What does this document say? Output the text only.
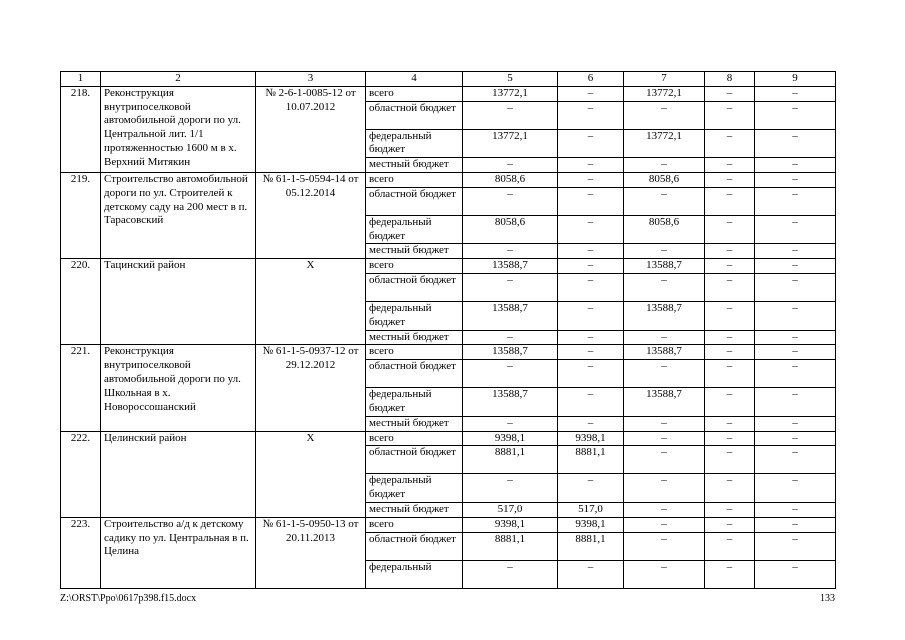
1	2	3	4	5	6	7	8	9
218.	Реконструкция внутрипоселковой автомобильной дороги по ул. Центральной лит. 1/1 протяженностью 1600 м в х. Верхний Митякин	№ 2-6-1-0085-12 от 10.07.2012	всего	13772,1	–	13772,1	–	–
			областной бюджет	–	–	–	–	–
			федеральный бюджет	13772,1	–	13772,1	–	–
			местный бюджет	–	–	–	–	–
219.	Строительство автомобильной дороги по ул. Строителей к детскому саду на 200 мест в п. Тарасовский	№ 61-1-5-0594-14 от 05.12.2014	всего	8058,6	–	8058,6	–	–
			областной бюджет	–	–	–	–	–
			федеральный бюджет	8058,6	–	8058,6	–	–
			местный бюджет	–	–	–	–	–
220.	Тацинский район	Х	всего	13588,7	–	13588,7	–	–
			областной бюджет	–	–	–	–	–
			федеральный бюджет	13588,7	–	13588,7	–	–
			местный бюджет	–	–	–	–	–
221.	Реконструкция внутрипоселковой автомобильной дороги по ул. Школьная в х. Новороссошанский	№ 61-1-5-0937-12 от 29.12.2012	всего	13588,7	–	13588,7	–	–
			областной бюджет	–	–	–	–	–
			федеральный бюджет	13588,7	–	13588,7	–	–
			местный бюджет	–	–	–	–	–
222.	Целинский район	Х	всего	9398,1	9398,1	–	–	–
			областной бюджет	8881,1	8881,1	–	–	–
			федеральный бюджет	–	–	–	–	–
			местный бюджет	517,0	517,0	–	–	–
223.	Строительство а/д к детскому садику по ул. Центральная в п. Целина	№ 61-1-5-0950-13 от 20.11.2013	всего	9398,1	9398,1	–	–	–
			областной бюджет	8881,1	8881,1	–	–	–
			федеральный	–	–	–	–	–
Z:\ORST\Ppo\0617p398.f15.docx	133
